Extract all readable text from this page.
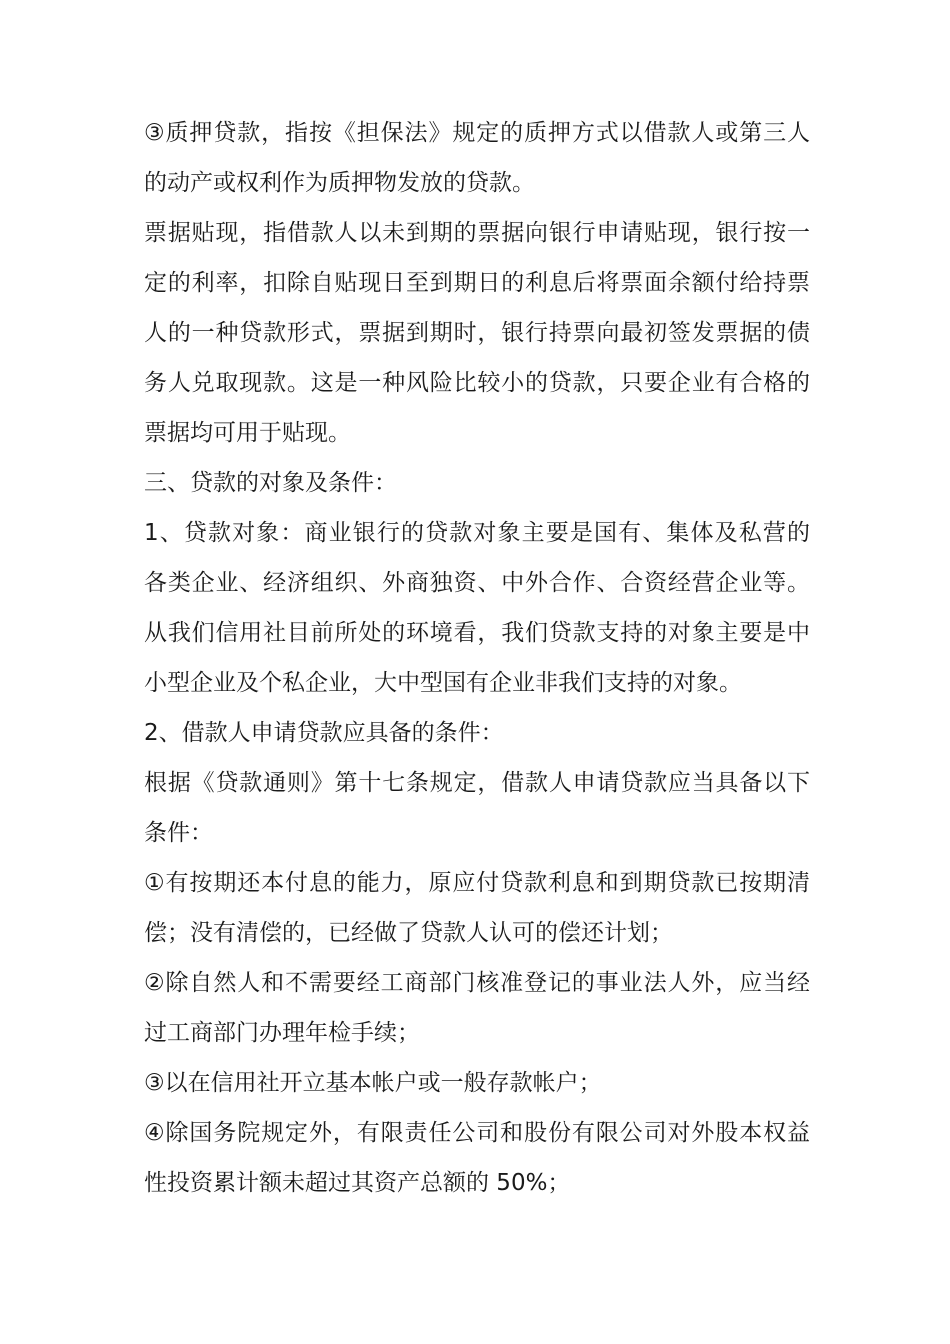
③质押贷款，指按《担保法》规定的质押方式以借款人或第三人
的动产或权利作为质押物发放的贷款。
票据贴现，指借款人以未到期的票据向银行申请贴现，银行按一
定的利率，扣除自贴现日至到期日的利息后将票面余额付给持票
人的一种贷款形式，票据到期时，银行持票向最初签发票据的债
务人兑取现款。这是一种风险比较小的贷款，只要企业有合格的
票据均可用于贴现。
三、贷款的对象及条件：
1、贷款对象：商业银行的贷款对象主要是国有、集体及私营的
各类企业、经济组织、外商独资、中外合作、合资经营企业等。
从我们信用社目前所处的环境看，我们贷款支持的对象主要是中
小型企业及个私企业，大中型国有企业非我们支持的对象。
2、借款人申请贷款应具备的条件：
根据《贷款通则》第十七条规定，借款人申请贷款应当具备以下
条件：
①有按期还本付息的能力，原应付贷款利息和到期贷款已按期清
偿；没有清偿的，已经做了贷款人认可的偿还计划；
②除自然人和不需要经工商部门核准登记的事业法人外，应当经
过工商部门办理年检手续；
③以在信用社开立基本帐户或一般存款帐户；
④除国务院规定外，有限责任公司和股份有限公司对外股本权益
性投资累计额未超过其资产总额的 50%；
